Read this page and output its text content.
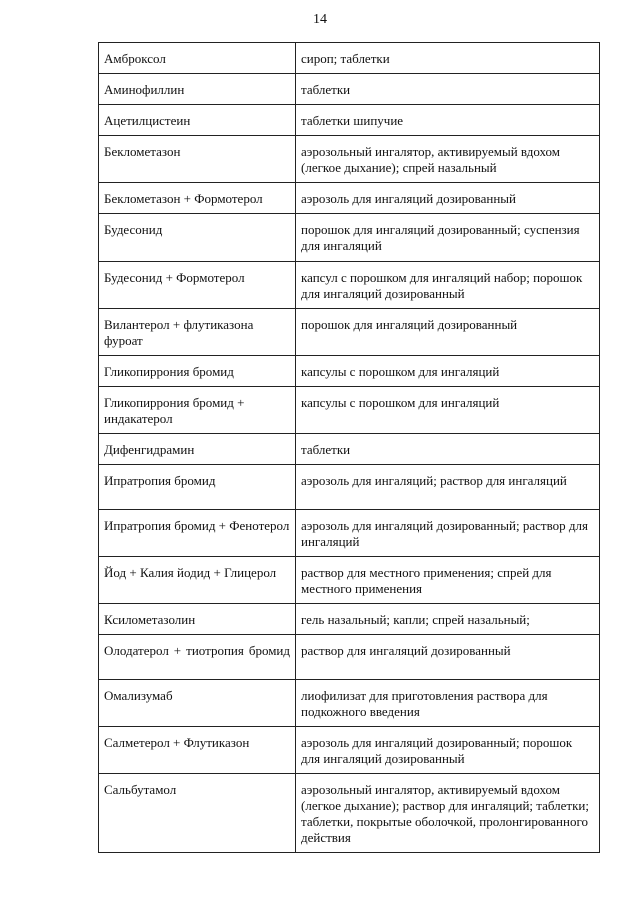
14
Амброксол	сироп; таблетки
Аминофиллин	таблетки
Ацетилцистеин	таблетки шипучие
Беклометазон	аэрозольный ингалятор, активируемый вдохом (легкое дыхание); спрей назальный
Беклометазон + Формотерол	аэрозоль для ингаляций дозированный
Будесонид	порошок для ингаляций дозированный; суспензия для ингаляций
Будесонид + Формотерол	капсул с порошком для ингаляций набор; порошок для ингаляций дозированный
Вилантерол + флутиказона фуроат	порошок для ингаляций дозированный
Гликопиррония бромид	капсулы с порошком для ингаляций
Гликопиррония бромид + индакатерол	капсулы с порошком для ингаляций
Дифенгидрамин	таблетки
Ипратропия бромид	аэрозоль для ингаляций; раствор для ингаляций
Ипратропия бромид + Фенотерол	аэрозоль для ингаляций дозированный; раствор для ингаляций
Йод + Калия йодид + Глицерол	раствор для местного применения; спрей для местного применения
Ксилометазолин	гель назальный; капли; спрей назальный;
Олодатерол + тиотропия бромид	раствор для ингаляций дозированный
Омализумаб	лиофилизат для приготовления раствора для подкожного введения
Салметерол + Флутиказон	аэрозоль для ингаляций дозированный; порошок для ингаляций дозированный
Сальбутамол	аэрозольный ингалятор, активируемый вдохом (легкое дыхание); раствор для ингаляций; таблетки; таблетки, покрытые оболочкой, пролонгированного действия
